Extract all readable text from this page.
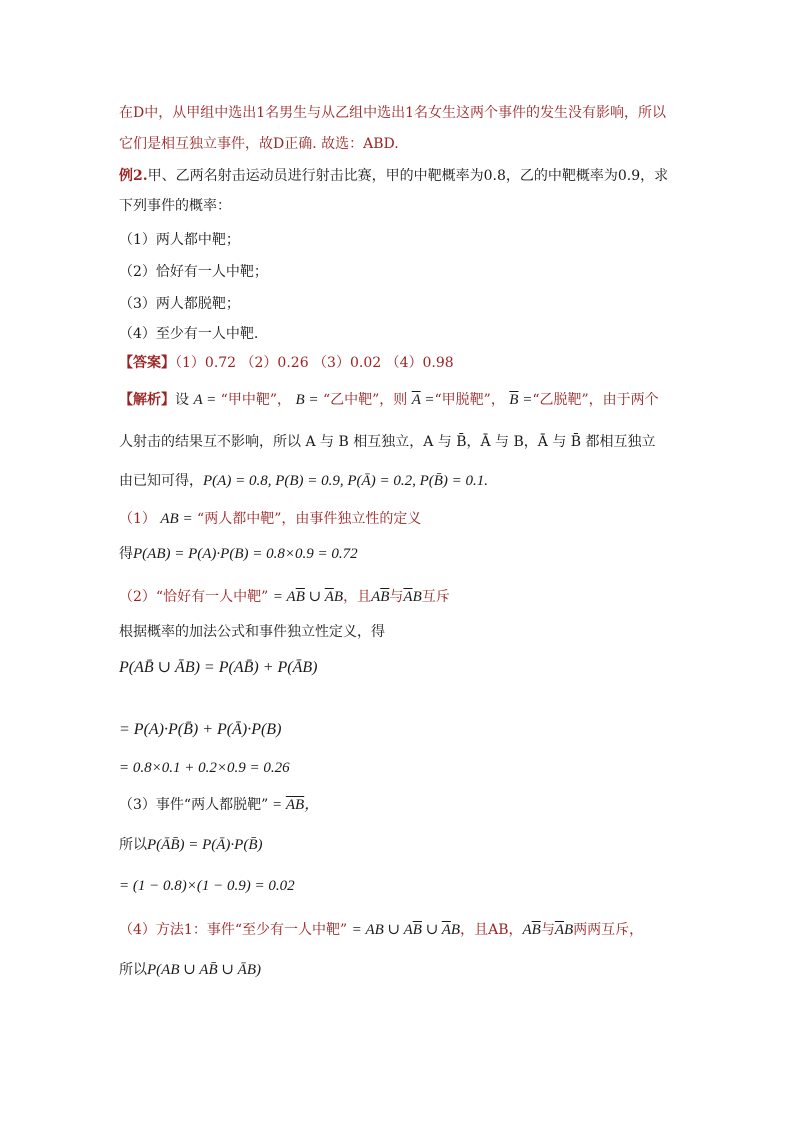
在D中，从甲组中选出1名男生与从乙组中选出1名女生这两个事件的发生没有影响，所以
它们是相互独立事件，故D正确. 故选：ABD.
例2.甲、乙两名射击运动员进行射击比赛，甲的中靶概率为0.8，乙的中靶概率为0.9，求
下列事件的概率：
（1）两人都中靶；
（2）恰好有一人中靶；
（3）两人都脱靶；
（4）至少有一人中靶.
【答案】（1）0.72 （2）0.26 （3）0.02 （4）0.98
【解析】设 A = “甲中靶”， B = “乙中靶”，则 $\overline{A}$ =“甲脱靶”， $\overline{B}$ =“乙脱靶”，由于两个
人射击的结果互不影响，所以 A 与 B 相互独立，A 与 B̄，Ā 与 B，Ā 与 B̄ 都相互独立
由已知可得，P(A) = 0.8, P(B) = 0.9, P(Ā) = 0.2, P(B̄) = 0.1.
（1） AB = “两人都中靶”，由事件独立性的定义
得P(AB) = P(A)·P(B) = 0.8×0.9 = 0.72
（2）“恰好有一人中靶” = $A\overline{B}$ ∪ $\overline{A}B$，且$A\overline{B}$与$\overline{A}B$互斥
根据概率的加法公式和事件独立性定义，得
P(AB̄ ∪ ĀB) = P(AB̄) + P(ĀB)
= P(A)·P(B̄) + P(Ā)·P(B)
= 0.8×0.1 + 0.2×0.9 = 0.26
（3）事件“两人都脱靶” = $\overline{A}\overline{B}$，
所以P(ĀB̄) = P(Ā)·P(B̄)
= (1 − 0.8)×(1 − 0.9) = 0.02
（4）方法1：事件“至少有一人中靶” = AB ∪ $A\overline{B}$ ∪ $\overline{A}B$，且AB，$A\overline{B}$与$\overline{A}B$两两互斥，
所以P(AB ∪ AB̄ ∪ ĀB)
